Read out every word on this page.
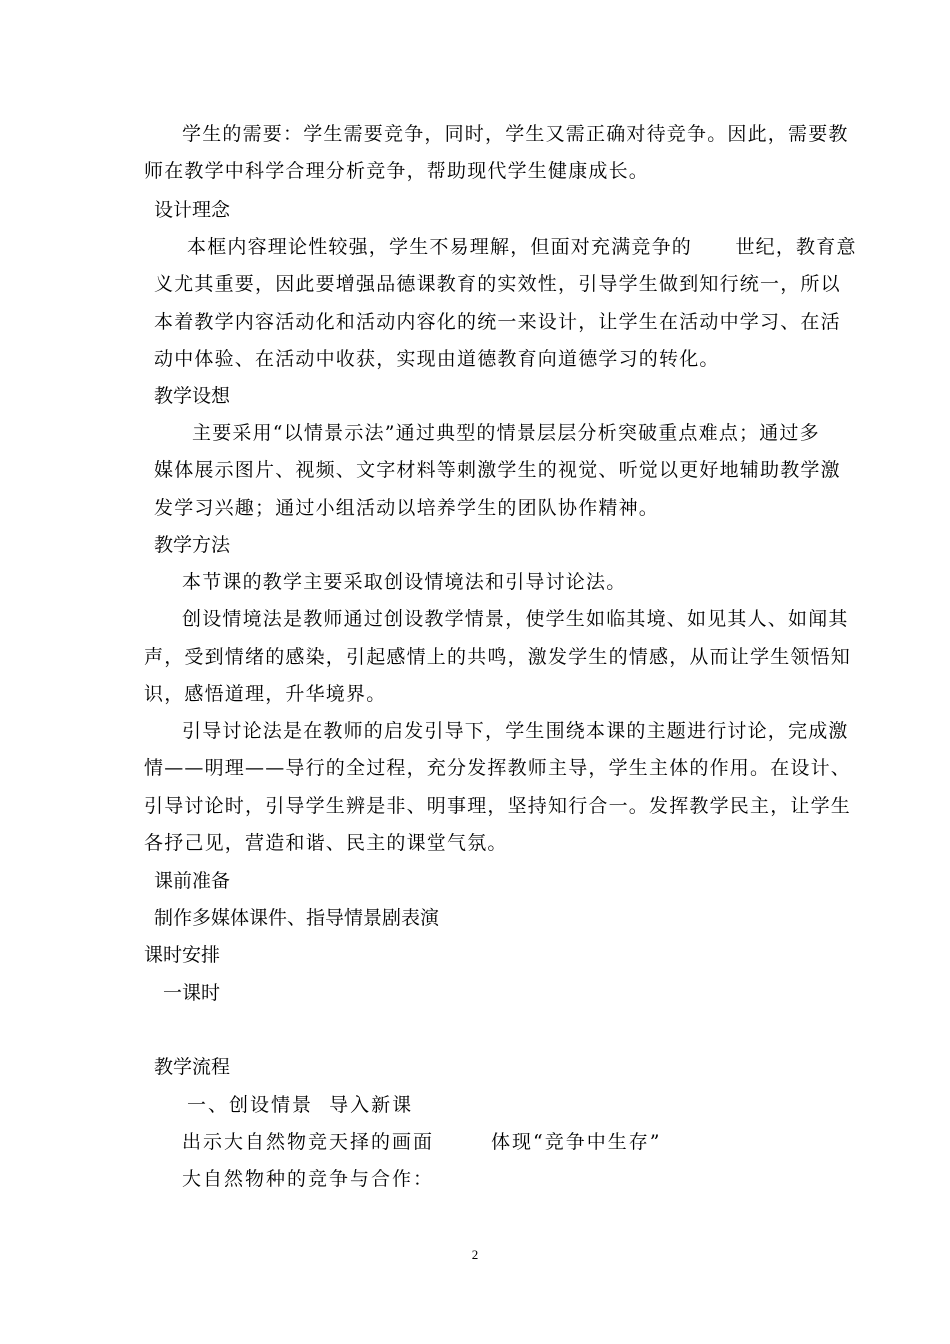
学生的需要：学生需要竞争，同时，学生又需正确对待竞争。因此，需要教
师在教学中科学合理分析竞争，帮助现代学生健康成长。
设计理念
本框内容理论性较强，学生不易理解，但面对充满竞争的      世纪，教育意
义尤其重要，因此要增强品德课教育的实效性，引导学生做到知行统一，所以
本着教学内容活动化和活动内容化的统一来设计，让学生在活动中学习、在活
动中体验、在活动中收获，实现由道德教育向道德学习的转化。
教学设想
主要采用“以情景示法”通过典型的情景层层分析突破重点难点；通过多
媒体展示图片、视频、文字材料等刺激学生的视觉、听觉以更好地辅助教学激
发学习兴趣；通过小组活动以培养学生的团队协作精神。
教学方法
本节课的教学主要采取创设情境法和引导讨论法。
创设情境法是教师通过创设教学情景，使学生如临其境、如见其人、如闻其
声，受到情绪的感染，引起感情上的共鸣，激发学生的情感，从而让学生领悟知
识，感悟道理，升华境界。
引导讨论法是在教师的启发引导下，学生围绕本课的主题进行讨论，完成激
情——明理——导行的全过程，充分发挥教师主导，学生主体的作用。在设计、
引导讨论时，引导学生辨是非、明事理，坚持知行合一。发挥教学民主，让学生
各抒己见，营造和谐、民主的课堂气氛。
课前准备
制作多媒体课件、指导情景剧表演
课时安排
一课时
教学流程
一、创设情景  导入新课
出示大自然物竞天择的画面	体现“竞争中生存”
大自然物种的竞争与合作：
2
